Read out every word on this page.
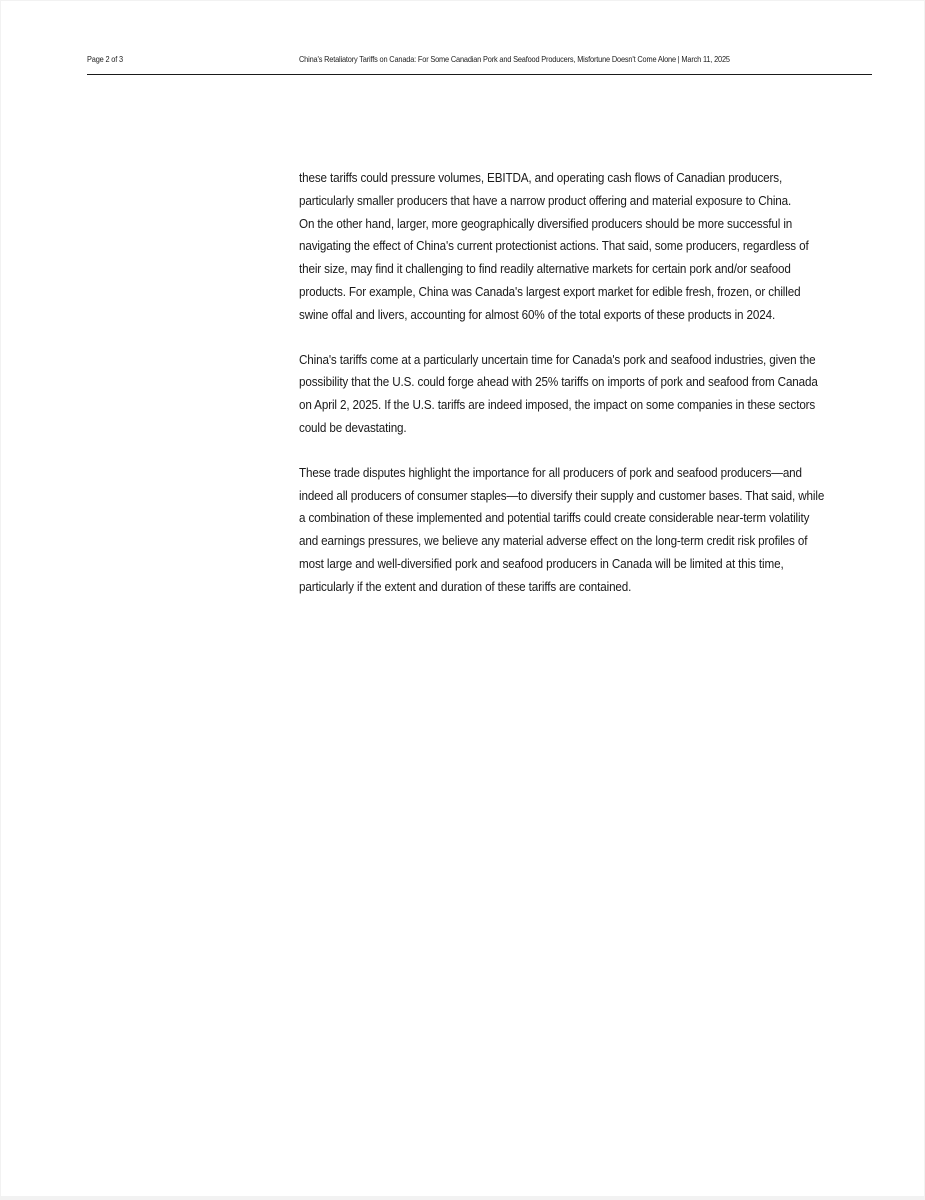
Page 2 of 3	China's Retaliatory Tariffs on Canada: For Some Canadian Pork and Seafood Producers, Misfortune Doesn't Come Alone | March 11, 2025

these tariffs could pressure volumes, EBITDA, and operating cash flows of Canadian producers,
particularly smaller producers that have a narrow product offering and material exposure to China.
On the other hand, larger, more geographically diversified producers should be more successful in
navigating the effect of China's current protectionist actions. That said, some producers, regardless of
their size, may find it challenging to find readily alternative markets for certain pork and/or seafood
products. For example, China was Canada's largest export market for edible fresh, frozen, or chilled
swine offal and livers, accounting for almost 60% of the total exports of these products in 2024.

China's tariffs come at a particularly uncertain time for Canada's pork and seafood industries, given the
possibility that the U.S. could forge ahead with 25% tariffs on imports of pork and seafood from Canada
on April 2, 2025. If the U.S. tariffs are indeed imposed, the impact on some companies in these sectors
could be devastating.

These trade disputes highlight the importance for all producers of pork and seafood producers—and
indeed all producers of consumer staples—to diversify their supply and customer bases. That said, while
a combination of these implemented and potential tariffs could create considerable near-term volatility
and earnings pressures, we believe any material adverse effect on the long-term credit risk profiles of
most large and well-diversified pork and seafood producers in Canada will be limited at this time,
particularly if the extent and duration of these tariffs are contained.
